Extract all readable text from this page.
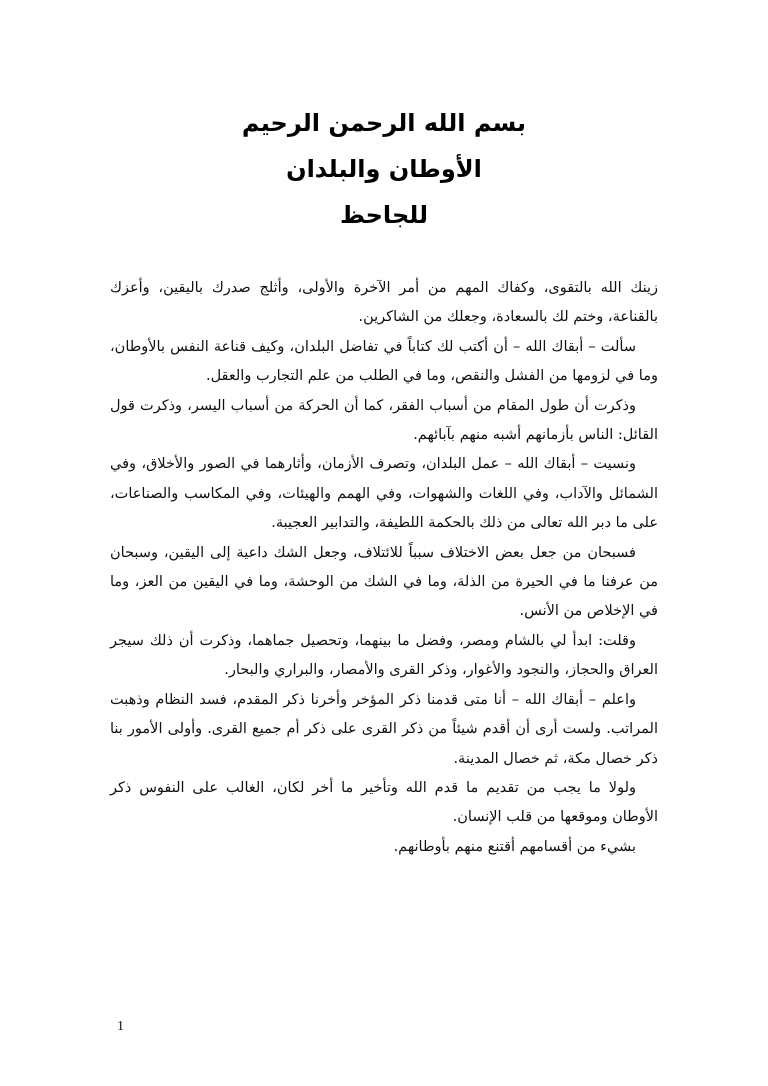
بسم الله الرحمن الرحيم
الأوطان والبلدان
للجاحظ

زينك الله بالتقوى، وكفاك المهم من أمر الآخرة والأولى، وأثلج صدرك باليقين، وأعزك بالقناعة، وختم لك بالسعادة، وجعلك من الشاكرين.

سألت – أبقاك الله – أن أكتب لك كتاباً في تفاضل البلدان، وكيف قناعة النفس بالأوطان، وما في لزومها من الفشل والنقص، وما في الطلب من علم التجارب والعقل.

وذكرت أن طول المقام من أسباب الفقر، كما أن الحركة من أسباب اليسر، وذكرت قول القائل: الناس بأزمانهم أشبه منهم بآبائهم.

ونسيت – أبقاك الله – عمل البلدان، وتصرف الأزمان، وأثارهما في الصور والأخلاق، وفي الشمائل والآداب، وفي اللغات والشهوات، وفي الهمم والهيئات، وفي المكاسب والصناعات، على ما دبر الله تعالى من ذلك بالحكمة اللطيفة، والتدابير العجيبة.

فسبحان من جعل بعض الاختلاف سبباً للائتلاف، وجعل الشك داعية إلى اليقين، وسبحان من عرفنا ما في الحيرة من الذلة، وما في الشك من الوحشة، وما في اليقين من العز، وما في الإخلاص من الأنس.

وقلت: ابدأ لي بالشام ومصر، وفضل ما بينهما، وتحصيل جماهما، وذكرت أن ذلك سيجر العراق والحجاز، والنجود والأغوار، وذكر القرى والأمصار، والبراري والبحار.

واعلم – أبقاك الله – أنا متى قدمنا ذكر المؤخر وأخرنا ذكر المقدم، فسد النظام وذهبت المراتب. ولست أرى أن أقدم شيئاً من ذكر القرى على ذكر أم جميع القرى. وأولى الأمور بنا ذكر خصال مكة، ثم خصال المدينة.

ولولا ما يجب من تقديم ما قدم الله وتأخير ما أخر لكان، الغالب على النفوس ذكر الأوطان وموقعها من قلب الإنسان.

بشيء من أقسامهم أقتنع منهم بأوطانهم.

1
